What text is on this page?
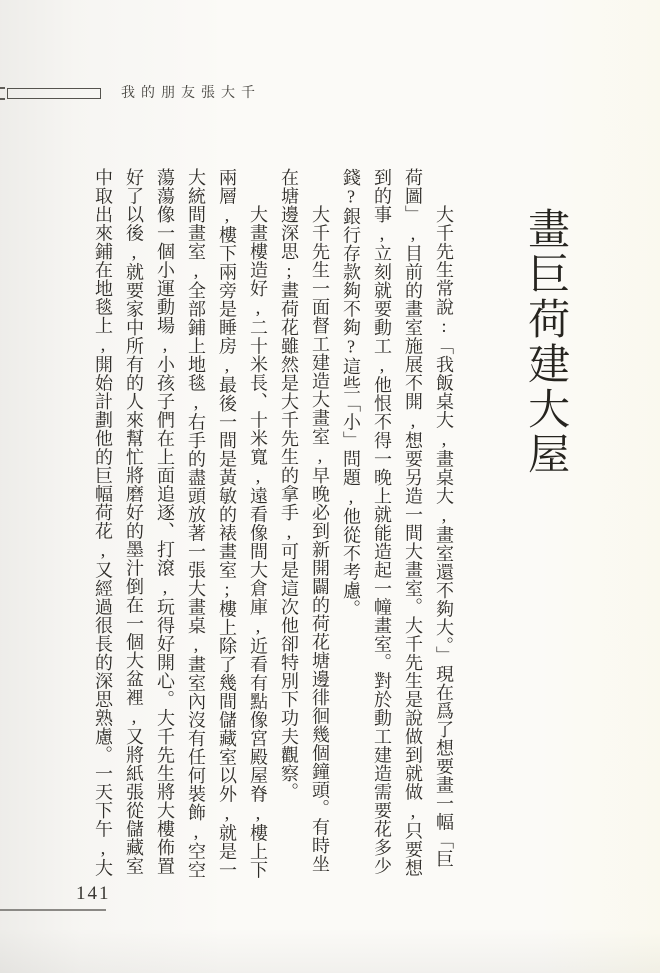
我的朋友張大千
畫巨荷建大屋
大千先生常說:「我飯桌大,畫桌大,畫室還不夠大。」現在爲了想要畫一幅「巨
荷圖」,目前的畫室施展不開,想要另造一間大畫室。大千先生是說做到就做,只要想
到的事,立刻就要動工,他恨不得一晚上就能造起一幢畫室。對於動工建造需要花多少
錢?銀行存款夠不夠?這些「小」問題,他從不考慮。
大千先生一面督工建造大畫室,早晚必到新開闢的荷花塘邊徘徊幾個鐘頭。有時坐
在塘邊深思;畫荷花雖然是大千先生的拿手,可是這次他卻特別下功夫觀察。
大畫樓造好,二十米長、十米寬,遠看像間大倉庫,近看有點像宮殿屋脊,樓上下
兩層,樓下兩旁是睡房,最後一間是黃敏的裱畫室;樓上除了幾間儲藏室以外,就是一
大統間畫室,全部鋪上地毯,右手的盡頭放著一張大畫桌,畫室內沒有任何裝飾,空空
蕩蕩像一個小運動場,小孩子們在上面追逐、打滾,玩得好開心。大千先生將大樓佈置
好了以後,就要家中所有的人來幫忙將磨好的墨汁倒在一個大盆裡,又將紙張從儲藏室
中取出來鋪在地毯上,開始計劃他的巨幅荷花,又經過很長的深思熟慮。一天下午,大
141
